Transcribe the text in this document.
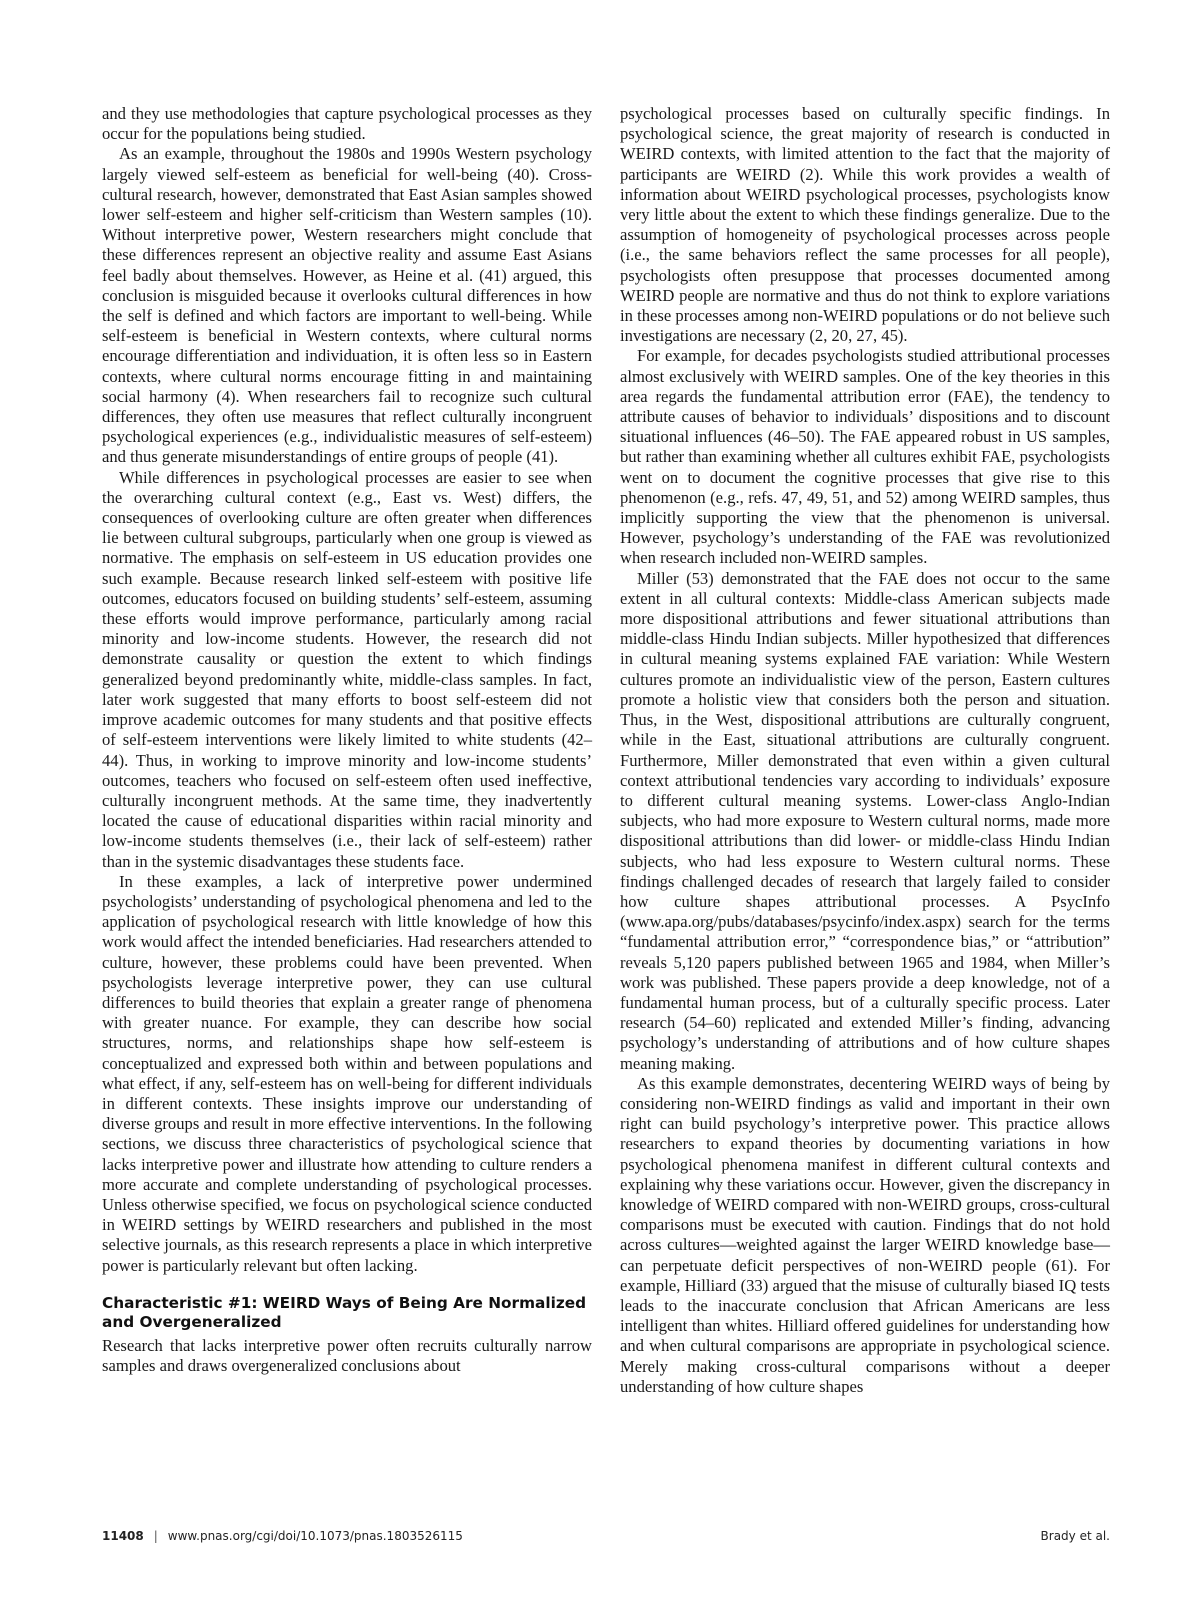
and they use methodologies that capture psychological processes as they occur for the populations being studied.

As an example, throughout the 1980s and 1990s Western psychology largely viewed self-esteem as beneficial for well-being (40). Cross-cultural research, however, demonstrated that East Asian samples showed lower self-esteem and higher self-criticism than Western samples (10). Without interpretive power, Western researchers might conclude that these differences represent an objective reality and assume East Asians feel badly about themselves. However, as Heine et al. (41) argued, this conclusion is misguided because it overlooks cultural differences in how the self is defined and which factors are important to well-being. While self-esteem is beneficial in Western contexts, where cultural norms encourage differentiation and individuation, it is often less so in Eastern contexts, where cultural norms encourage fitting in and maintaining social harmony (4). When researchers fail to recognize such cultural differences, they often use measures that reflect culturally incongruent psychological experiences (e.g., individualistic measures of self-esteem) and thus generate misunderstandings of entire groups of people (41).

While differences in psychological processes are easier to see when the overarching cultural context (e.g., East vs. West) differs, the consequences of overlooking culture are often greater when differences lie between cultural subgroups, particularly when one group is viewed as normative. The emphasis on self-esteem in US education provides one such example. Because research linked self-esteem with positive life outcomes, educators focused on building students’ self-esteem, assuming these efforts would improve performance, particularly among racial minority and low-income students. However, the research did not demonstrate causality or question the extent to which findings generalized beyond predominantly white, middle-class samples. In fact, later work suggested that many efforts to boost self-esteem did not improve academic outcomes for many students and that positive effects of self-esteem interventions were likely limited to white students (42–44). Thus, in working to improve minority and low-income students’ outcomes, teachers who focused on self-esteem often used ineffective, culturally incongruent methods. At the same time, they inadvertently located the cause of educational disparities within racial minority and low-income students themselves (i.e., their lack of self-esteem) rather than in the systemic disadvantages these students face.

In these examples, a lack of interpretive power undermined psychologists’ understanding of psychological phenomena and led to the application of psychological research with little knowledge of how this work would affect the intended beneficiaries. Had researchers attended to culture, however, these problems could have been prevented. When psychologists leverage interpretive power, they can use cultural differences to build theories that explain a greater range of phenomena with greater nuance. For example, they can describe how social structures, norms, and relationships shape how self-esteem is conceptualized and expressed both within and between populations and what effect, if any, self-esteem has on well-being for different individuals in different contexts. These insights improve our understanding of diverse groups and result in more effective interventions. In the following sections, we discuss three characteristics of psychological science that lacks interpretive power and illustrate how attending to culture renders a more accurate and complete understanding of psychological processes. Unless otherwise specified, we focus on psychological science conducted in WEIRD settings by WEIRD researchers and published in the most selective journals, as this research represents a place in which interpretive power is particularly relevant but often lacking.

Characteristic #1: WEIRD Ways of Being Are Normalized and Overgeneralized

Research that lacks interpretive power often recruits culturally narrow samples and draws overgeneralized conclusions about

psychological processes based on culturally specific findings. In psychological science, the great majority of research is conducted in WEIRD contexts, with limited attention to the fact that the majority of participants are WEIRD (2). While this work provides a wealth of information about WEIRD psychological processes, psychologists know very little about the extent to which these findings generalize. Due to the assumption of homogeneity of psychological processes across people (i.e., the same behaviors reflect the same processes for all people), psychologists often presuppose that processes documented among WEIRD people are normative and thus do not think to explore variations in these processes among non-WEIRD populations or do not believe such investigations are necessary (2, 20, 27, 45).

For example, for decades psychologists studied attributional processes almost exclusively with WEIRD samples. One of the key theories in this area regards the fundamental attribution error (FAE), the tendency to attribute causes of behavior to individuals’ dispositions and to discount situational influences (46–50). The FAE appeared robust in US samples, but rather than examining whether all cultures exhibit FAE, psychologists went on to document the cognitive processes that give rise to this phenomenon (e.g., refs. 47, 49, 51, and 52) among WEIRD samples, thus implicitly supporting the view that the phenomenon is universal. However, psychology’s understanding of the FAE was revolutionized when research included non-WEIRD samples.

Miller (53) demonstrated that the FAE does not occur to the same extent in all cultural contexts: Middle-class American subjects made more dispositional attributions and fewer situational attributions than middle-class Hindu Indian subjects. Miller hypothesized that differences in cultural meaning systems explained FAE variation: While Western cultures promote an individualistic view of the person, Eastern cultures promote a holistic view that considers both the person and situation. Thus, in the West, dispositional attributions are culturally congruent, while in the East, situational attributions are culturally congruent. Furthermore, Miller demonstrated that even within a given cultural context attributional tendencies vary according to individuals’ exposure to different cultural meaning systems. Lower-class Anglo-Indian subjects, who had more exposure to Western cultural norms, made more dispositional attributions than did lower- or middle-class Hindu Indian subjects, who had less exposure to Western cultural norms. These findings challenged decades of research that largely failed to consider how culture shapes attributional processes. A PsycInfo (www.apa.org/pubs/databases/psycinfo/index.aspx) search for the terms “fundamental attribution error,” “correspondence bias,” or “attribution” reveals 5,120 papers published between 1965 and 1984, when Miller’s work was published. These papers provide a deep knowledge, not of a fundamental human process, but of a culturally specific process. Later research (54–60) replicated and extended Miller’s finding, advancing psychology’s understanding of attributions and of how culture shapes meaning making.

As this example demonstrates, decentering WEIRD ways of being by considering non-WEIRD findings as valid and important in their own right can build psychology’s interpretive power. This practice allows researchers to expand theories by documenting variations in how psychological phenomena manifest in different cultural contexts and explaining why these variations occur. However, given the discrepancy in knowledge of WEIRD compared with non-WEIRD groups, cross-cultural comparisons must be executed with caution. Findings that do not hold across cultures—weighted against the larger WEIRD knowledge base—can perpetuate deficit perspectives of non-WEIRD people (61). For example, Hilliard (33) argued that the misuse of culturally biased IQ tests leads to the inaccurate conclusion that African Americans are less intelligent than whites. Hilliard offered guidelines for understanding how and when cultural comparisons are appropriate in psychological science. Merely making cross-cultural comparisons without a deeper understanding of how culture shapes

11408 | www.pnas.org/cgi/doi/10.1073/pnas.1803526115	Brady et al.
